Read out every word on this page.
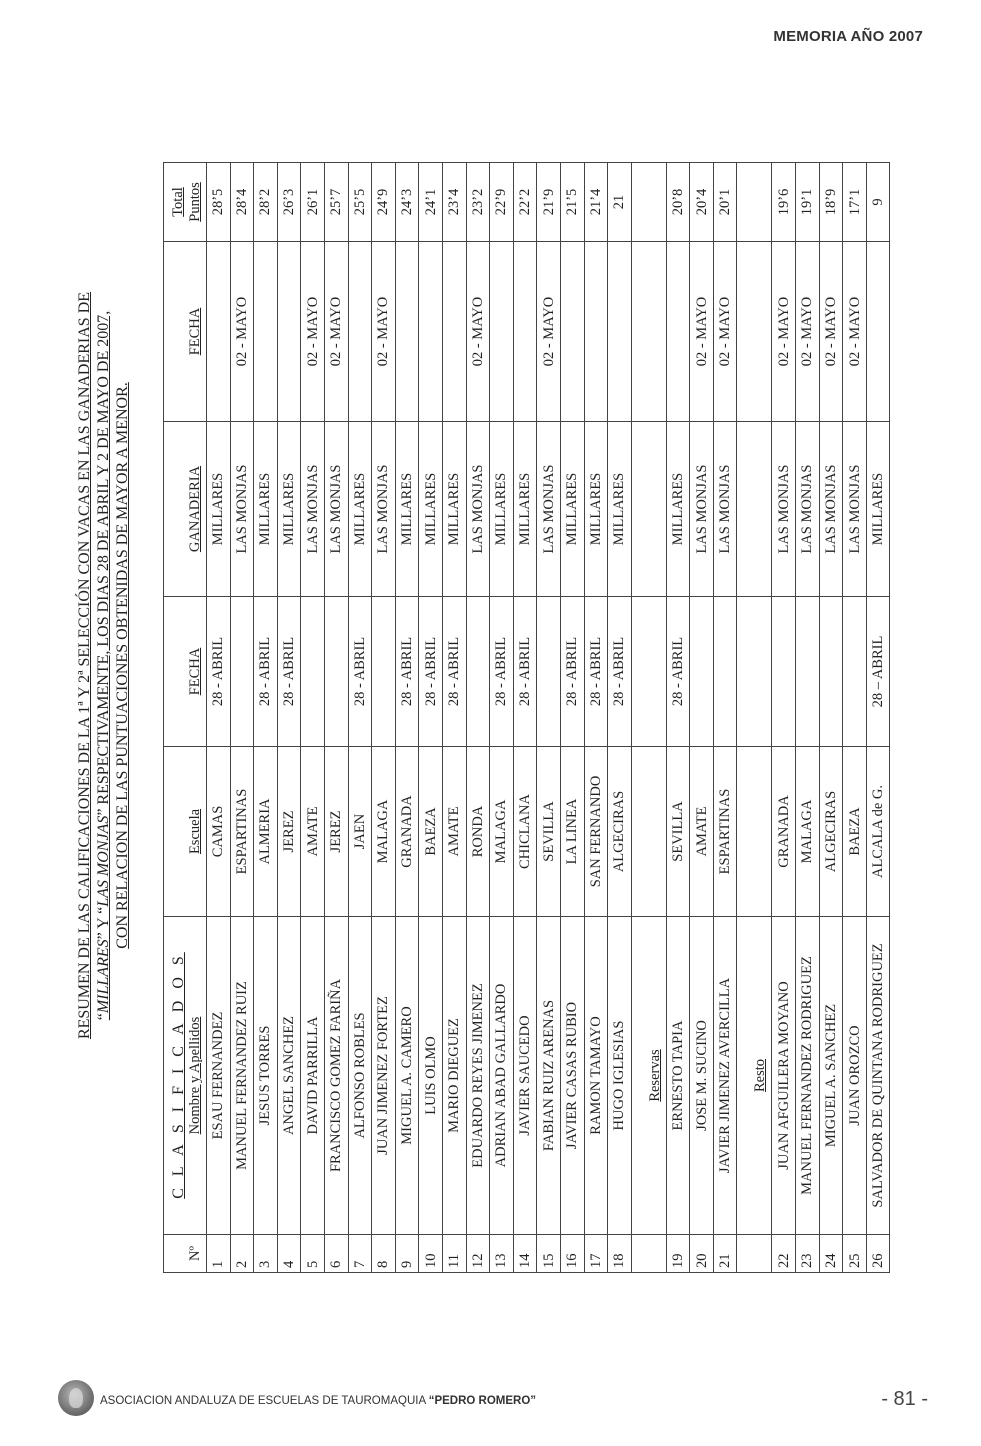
MEMORIA AÑO 2007
RESUMEN DE LAS CALIFICACIONES DE LA 1ª Y 2ª SELECCIÓN CON VACAS EN LAS GANADERIAS DE “MILLARES” Y “LAS MONJAS” RESPECTIVAMENTE, LOS DIAS 28 DE ABRIL Y 2 DE MAYO DE 2007, CON RELACION DE LAS PUNTUACIONES OBTENIDAS DE MAYOR A MENOR.
Nº	C L A S I F I C A D O S Nombre y Apellidos	Escuela	FECHA	GANADERIA	FECHA	Total Puntos
1	ESAU FERNANDEZ	CAMAS	28 - ABRIL	MILLARES		28’5
2	MANUEL FERNANDEZ RUIZ	ESPARTINAS		LAS MONJAS	02 - MAYO	28’4
3	JESUS TORRES	ALMERIA	28 - ABRIL	MILLARES		28’2
4	ANGEL SANCHEZ	JEREZ	28 - ABRIL	MILLARES		26’3
5	DAVID PARRILLA	AMATE		LAS MONJAS	02 - MAYO	26’1
6	FRANCISCO GOMEZ FARIÑA	JEREZ		LAS MONJAS	02 - MAYO	25’7
7	ALFONSO ROBLES	JAEN	28 - ABRIL	MILLARES		25’5
8	JUAN JIMENEZ FORTEZ	MALAGA		LAS MONJAS	02 - MAYO	24’9
9	MIGUEL A. CAMERO	GRANADA	28 - ABRIL	MILLARES		24’3
10	LUIS OLMO	BAEZA	28 - ABRIL	MILLARES		24’1
11	MARIO DIEGUEZ	AMATE	28 - ABRIL	MILLARES		23’4
12	EDUARDO REYES JIMENEZ	RONDA		LAS MONJAS	02 - MAYO	23’2
13	ADRIAN ABAD GALLARDO	MALAGA	28 - ABRIL	MILLARES		22’9
14	JAVIER SAUCEDO	CHICLANA	28 - ABRIL	MILLARES		22’2
15	FABIAN RUIZ ARENAS	SEVILLA		LAS MONJAS	02 - MAYO	21’9
16	JAVIER CASAS RUBIO	LA LINEA	28 - ABRIL	MILLARES		21’5
17	RAMON TAMAYO	SAN FERNANDO	28 - ABRIL	MILLARES		21’4
18	HUGO IGLESIAS	ALGECIRAS	28 - ABRIL	MILLARES		21
	Reservas					
19	ERNESTO TAPIA	SEVILLA	28 - ABRIL	MILLARES		20’8
20	JOSE M. SUCINO	AMATE		LAS MONJAS	02 - MAYO	20’4
21	JAVIER JIMENEZ AVERCILLA	ESPARTINAS		LAS MONJAS	02 - MAYO	20’1
	Resto					
22	JUAN AFGUILERA MOYANO	GRANADA		LAS MONJAS	02 - MAYO	19’6
23	MANUEL FERNANDEZ RODRIGUEZ	MALAGA		LAS MONJAS	02 - MAYO	19’1
24	MIGUEL A. SANCHEZ	ALGECIRAS		LAS MONJAS	02 - MAYO	18’9
25	JUAN OROZCO	BAEZA		LAS MONJAS	02 - MAYO	17’1
26	SALVADOR DE QUINTANA RODRIGUEZ	ALCALA de G.	28 – ABRIL	MILLARES		9
ASOCIACION ANDALUZA DE ESCUELAS DE TAUROMAQUIA “PEDRO ROMERO”	- 81 -
